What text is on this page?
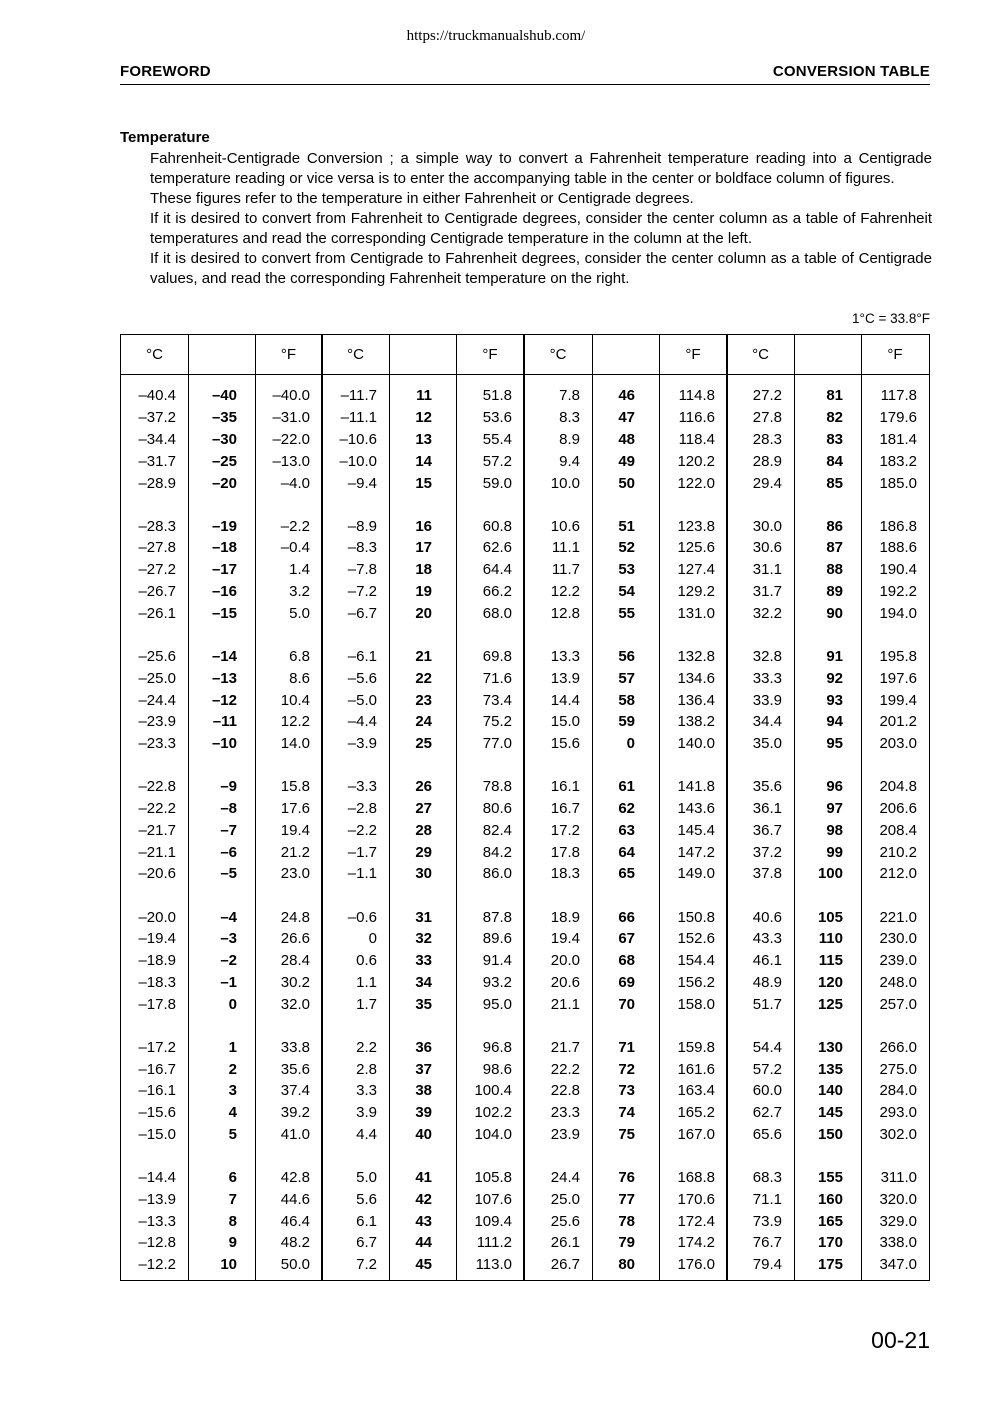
https://truckmanualshub.com/
FOREWORD	CONVERSION TABLE
Temperature

Fahrenheit-Centigrade Conversion ; a simple way to convert a Fahrenheit temperature reading into a Centigrade temperature reading or vice versa is to enter the accompanying table in the center or boldface column of figures.

These figures refer to the temperature in either Fahrenheit or Centigrade degrees.

If it is desired to convert from Fahrenheit to Centigrade degrees, consider the center column as a table of Fahrenheit temperatures and read the corresponding Centigrade temperature in the column at the left.

If it is desired to convert from Centigrade to Fahrenheit degrees, consider the center column as a table of Centigrade values, and read the corresponding Fahrenheit temperature on the right.

1°C = 33.8°F
°C	°F	°C	°F	°C	°F	°C	°F
–40.4	–40	–40.0	–11.7	11	51.8	7.8	46	114.8	27.2	81	117.8
–37.2	–35	–31.0	–11.1	12	53.6	8.3	47	116.6	27.8	82	179.6
–34.4	–30	–22.0	–10.6	13	55.4	8.9	48	118.4	28.3	83	181.4
–31.7	–25	–13.0	–10.0	14	57.2	9.4	49	120.2	28.9	84	183.2
–28.9	–20	–4.0	–9.4	15	59.0	10.0	50	122.0	29.4	85	185.0
–28.3	–19	–2.2	–8.9	16	60.8	10.6	51	123.8	30.0	86	186.8
–27.8	–18	–0.4	–8.3	17	62.6	11.1	52	125.6	30.6	87	188.6
–27.2	–17	1.4	–7.8	18	64.4	11.7	53	127.4	31.1	88	190.4
–26.7	–16	3.2	–7.2	19	66.2	12.2	54	129.2	31.7	89	192.2
–26.1	–15	5.0	–6.7	20	68.0	12.8	55	131.0	32.2	90	194.0
–25.6	–14	6.8	–6.1	21	69.8	13.3	56	132.8	32.8	91	195.8
–25.0	–13	8.6	–5.6	22	71.6	13.9	57	134.6	33.3	92	197.6
–24.4	–12	10.4	–5.0	23	73.4	14.4	58	136.4	33.9	93	199.4
–23.9	–11	12.2	–4.4	24	75.2	15.0	59	138.2	34.4	94	201.2
–23.3	–10	14.0	–3.9	25	77.0	15.6	0	140.0	35.0	95	203.0
–22.8	–9	15.8	–3.3	26	78.8	16.1	61	141.8	35.6	96	204.8
–22.2	–8	17.6	–2.8	27	80.6	16.7	62	143.6	36.1	97	206.6
–21.7	–7	19.4	–2.2	28	82.4	17.2	63	145.4	36.7	98	208.4
–21.1	–6	21.2	–1.7	29	84.2	17.8	64	147.2	37.2	99	210.2
–20.6	–5	23.0	–1.1	30	86.0	18.3	65	149.0	37.8	100	212.0
–20.0	–4	24.8	–0.6	31	87.8	18.9	66	150.8	40.6	105	221.0
–19.4	–3	26.6	0	32	89.6	19.4	67	152.6	43.3	110	230.0
–18.9	–2	28.4	0.6	33	91.4	20.0	68	154.4	46.1	115	239.0
–18.3	–1	30.2	1.1	34	93.2	20.6	69	156.2	48.9	120	248.0
–17.8	0	32.0	1.7	35	95.0	21.1	70	158.0	51.7	125	257.0
–17.2	1	33.8	2.2	36	96.8	21.7	71	159.8	54.4	130	266.0
–16.7	2	35.6	2.8	37	98.6	22.2	72	161.6	57.2	135	275.0
–16.1	3	37.4	3.3	38	100.4	22.8	73	163.4	60.0	140	284.0
–15.6	4	39.2	3.9	39	102.2	23.3	74	165.2	62.7	145	293.0
–15.0	5	41.0	4.4	40	104.0	23.9	75	167.0	65.6	150	302.0
–14.4	6	42.8	5.0	41	105.8	24.4	76	168.8	68.3	155	311.0
–13.9	7	44.6	5.6	42	107.6	25.0	77	170.6	71.1	160	320.0
–13.3	8	46.4	6.1	43	109.4	25.6	78	172.4	73.9	165	329.0
–12.8	9	48.2	6.7	44	111.2	26.1	79	174.2	76.7	170	338.0
–12.2	10	50.0	7.2	45	113.0	26.7	80	176.0	79.4	175	347.0
00-21
